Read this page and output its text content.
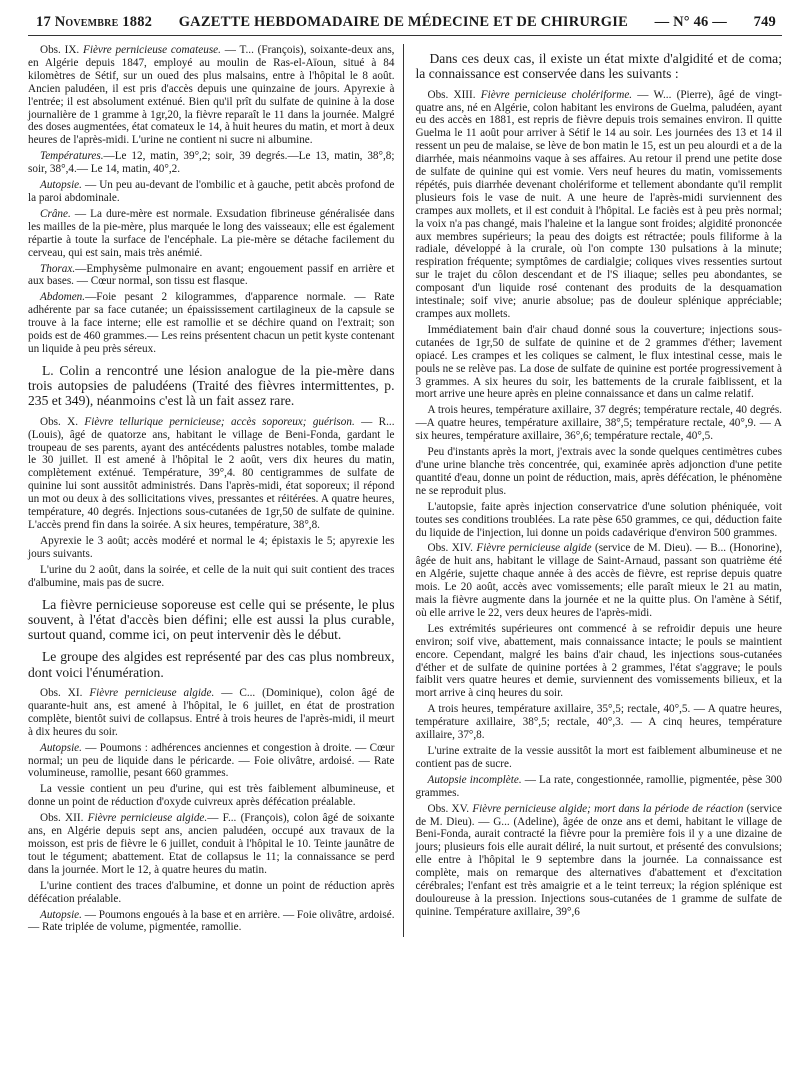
17 Novembre 1882 GAZETTE HEBDOMADAIRE DE MÉDECINE ET DE CHIRURGIE — N° 46 — 749

Obs. IX. Fièvre pernicieuse comateuse. — T... (François), soixante-deux ans, en Algérie depuis 1847, employé au moulin de Ras-el-Aïoun, situé à 84 kilomètres de Sétif, sur un oued des plus malsains, entre à l'hôpital le 8 août. Ancien paludéen, il est pris d'accès depuis une quinzaine de jours. Apyrexie à l'entrée; il est absolument exténué. Bien qu'il prît du sulfate de quinine à la dose journalière de 1 gramme à 1gr,20, la fièvre reparaît le 11 dans la journée. Malgré des doses augmentées, état comateux le 14, à huit heures du matin, et mort à deux heures de l'après-midi. L'urine ne contient ni sucre ni albumine.

Températures.—Le 12, matin, 39°,2; soir, 39 degrés.—Le 13, matin, 38°,8; soir, 38°,4.— Le 14, matin, 40°,2.

Autopsie. — Un peu au-devant de l'ombilic et à gauche, petit abcès profond de la paroi abdominale.

Crâne. — La dure-mère est normale. Exsudation fibrineuse généralisée dans les mailles de la pie-mère, plus marquée le long des vaisseaux; elle est également répartie à toute la surface de l'encéphale. La pie-mère se détache facilement du cerveau, qui est sain, mais très anémié.

Thorax.—Emphysème pulmonaire en avant; engouement passif en arrière et aux bases. — Cœur normal, son tissu est flasque.

Abdomen.—Foie pesant 2 kilogrammes, d'apparence normale. — Rate adhérente par sa face cutanée; un épaississement cartilagineux de la capsule se trouve à la face interne; elle est ramollie et se déchire quand on l'extrait; son poids est de 460 grammes.— Les reins présentent chacun un petit kyste contenant un liquide à peu près séreux.

L. Colin a rencontré une lésion analogue de la pie-mère dans trois autopsies de paludéens (Traité des fièvres intermittentes, p. 235 et 349), néanmoins c'est là un fait assez rare.

Obs. X. Fièvre tellurique pernicieuse; accès soporeux; guérison. — R... (Louis), âgé de quatorze ans, habitant le village de Beni-Fonda, gardant le troupeau de ses parents, ayant des antécédents palustres notables, tombe malade le 30 juillet. Il est amené à l'hôpital le 2 août, vers dix heures du matin, complètement exténué. Température, 39°,4. 80 centigrammes de sulfate de quinine lui sont aussitôt administrés. Dans l'après-midi, état soporeux; il répond un mot ou deux à des sollicitations vives, pressantes et réitérées. A quatre heures, température, 40 degrés. Injections sous-cutanées de 1gr,50 de sulfate de quinine. L'accès prend fin dans la soirée. A six heures, température, 38°,8.

Apyrexie le 3 août; accès modéré et normal le 4; épistaxis le 5; apyrexie les jours suivants.

L'urine du 2 août, dans la soirée, et celle de la nuit qui suit contient des traces d'albumine, mais pas de sucre.

La fièvre pernicieuse soporeuse est celle qui se présente, le plus souvent, à l'état d'accès bien défini; elle est aussi la plus curable, surtout quand, comme ici, on peut intervenir dès le début.

Le groupe des algides est représenté par des cas plus nombreux, dont voici l'énumération.

Obs. XI. Fièvre pernicieuse algide. — C... (Dominique), colon âgé de quarante-huit ans, est amené à l'hôpital, le 6 juillet, en état de prostration complète, bientôt suivi de collapsus. Entré à trois heures de l'après-midi, il meurt à dix heures du soir.

Autopsie. — Poumons : adhérences anciennes et congestion à droite. — Cœur normal; un peu de liquide dans le péricarde. — Foie olivâtre, ardoisé. — Rate volumineuse, ramollie, pesant 660 grammes.

La vessie contient un peu d'urine, qui est très faiblement albumineuse, et donne un point de réduction d'oxyde cuivreux après défécation préalable.

Obs. XII. Fièvre pernicieuse algide.— F... (François), colon âgé de soixante ans, en Algérie depuis sept ans, ancien paludéen, occupé aux travaux de la moisson, est pris de fièvre le 6 juillet, conduit à l'hôpital le 10. Teinte jaunâtre de tout le tégument; abattement. Etat de collapsus le 11; la connaissance se perd dans la journée. Mort le 12, à quatre heures du matin.

L'urine contient des traces d'albumine, et donne un point de réduction après défécation préalable.

Autopsie. — Poumons engoués à la base et en arrière. — Foie olivâtre, ardoisé. — Rate triplée de volume, pigmentée, ramollie.

Dans ces deux cas, il existe un état mixte d'algidité et de coma; la connaissance est conservée dans les suivants :

Obs. XIII. Fièvre pernicieuse cholériforme. — W... (Pierre), âgé de vingt-quatre ans, né en Algérie, colon habitant les environs de Guelma, paludéen, ayant eu des accès en 1881, est repris de fièvre depuis trois semaines environ. Il quitte Guelma le 11 août pour arriver à Sétif le 14 au soir. Les journées des 13 et 14 il ressent un peu de malaise, se lève de bon matin le 15, est un peu alourdi et a de la diarrhée, mais néanmoins vaque à ses affaires. Au retour il prend une petite dose de sulfate de quinine qui est vomie. Vers neuf heures du matin, vomissements répétés, puis diarrhée devenant cholériforme et tellement abondante qu'il remplit plusieurs fois le vase de nuit. A une heure de l'après-midi surviennent des crampes aux mollets, et il est conduit à l'hôpital. Le faciès est à peu près normal; la voix n'a pas changé, mais l'haleine et la langue sont froides; algidité prononcée aux membres supérieurs; la peau des doigts est rétractée; pouls filiforme à la radiale, développé à la crurale, où l'on compte 130 pulsations à la minute; respiration fréquente; symptômes de cardialgie; coliques vives ressenties surtout sur le trajet du côlon descendant et de l'S iliaque; selles peu abondantes, se composant d'un liquide rosé contenant des produits de la desquamation intestinale; soif vive; anurie absolue; pas de douleur splénique appréciable; crampes aux mollets.

Immédiatement bain d'air chaud donné sous la couverture; injections sous-cutanées de 1gr,50 de sulfate de quinine et de 2 grammes d'éther; lavement opiacé. Les crampes et les coliques se calment, le flux intestinal cesse, mais le pouls ne se relève pas. La dose de sulfate de quinine est portée progressivement à 3 grammes. A six heures du soir, les battements de la crurale faiblissent, et la mort arrive une heure après en pleine connaissance et dans un calme relatif.

A trois heures, température axillaire, 37 degrés; température rectale, 40 degrés.—A quatre heures, température axillaire, 38°,5; température rectale, 40°,9. — A six heures, température axillaire, 36°,6; température rectale, 40°,5.

Peu d'instants après la mort, j'extrais avec la sonde quelques centimètres cubes d'une urine blanche très concentrée, qui, examinée après adjonction d'une petite quantité d'eau, donne un point de réduction, mais, après défécation, le phénomène ne se reproduit plus.

L'autopsie, faite après injection conservatrice d'une solution phéniquée, voit toutes ses conditions troublées. La rate pèse 650 grammes, ce qui, déduction faite du liquide de l'injection, lui donne un poids cadavérique d'environ 500 grammes.

Obs. XIV. Fièvre pernicieuse algide (service de M. Dieu). — B... (Honorine), âgée de huit ans, habitant le village de Saint-Arnaud, passant son quatrième été en Algérie, sujette chaque année à des accès de fièvre, est reprise depuis quatre mois. Le 20 août, accès avec vomissements; elle paraît mieux le 21 au matin, mais la fièvre augmente dans la journée et ne la quitte plus. On l'amène à Sétif, où elle arrive le 22, vers deux heures de l'après-midi.

Les extrémités supérieures ont commencé à se refroidir depuis une heure environ; soif vive, abattement, mais connaissance intacte; le pouls se maintient encore. Cependant, malgré les bains d'air chaud, les injections sous-cutanées d'éther et de sulfate de quinine portées à 2 grammes, l'état s'aggrave; le pouls faiblit vers quatre heures et demie, surviennent des vomissements bilieux, et la mort arrive à cinq heures du soir.

A trois heures, température axillaire, 35°,5; rectale, 40°,5. — A quatre heures, température axillaire, 38°,5; rectale, 40°,3. — A cinq heures, température axillaire, 37°,8.

L'urine extraite de la vessie aussitôt la mort est faiblement albumineuse et ne contient pas de sucre.

Autopsie incomplète. — La rate, congestionnée, ramollie, pigmentée, pèse 300 grammes.

Obs. XV. Fièvre pernicieuse algide; mort dans la période de réaction (service de M. Dieu). — G... (Adeline), âgée de onze ans et demi, habitant le village de Beni-Fonda, aurait contracté la fièvre pour la première fois il y a une dizaine de jours; plusieurs fois elle aurait déliré, la nuit surtout, et présenté des convulsions; elle entre à l'hôpital le 9 septembre dans la journée. La connaissance est complète, mais on remarque des alternatives d'abattement et d'excitation cérébrales; l'enfant est très amaigrie et a le teint terreux; la région splénique est douloureuse à la pression. Injections sous-cutanées de 1 gramme de sulfate de quinine. Température axillaire, 39°,6
